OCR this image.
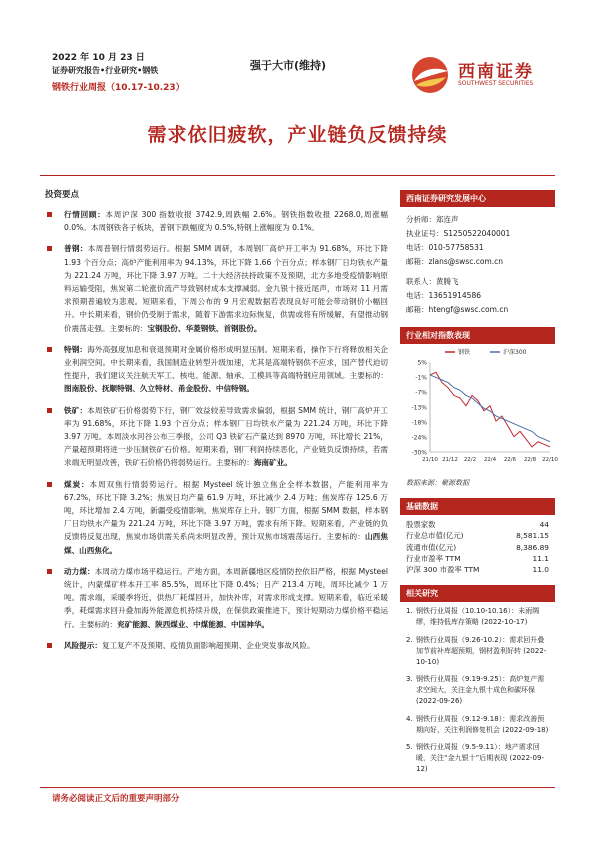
2022 年 10 月 23 日
证券研究报告•行业研究•钢铁
钢铁行业周报（10.17-10.23）
强于大市(维持)	西南证券
SOUTHWEST SECURITIES
需求依旧疲软，产业链负反馈持续
投资要点
行情回顾：本周沪深 300 指数收报 3742.9,周跌幅 2.6%。钢铁指数收报 2268.0,周涨幅 0.0%。本周钢铁各子板块，普钢下跌幅度为 0.5%,特钢上涨幅度为 0.1%。
普钢：本周普钢行情弱势运行。根据 SMM 调研，本周钢厂高炉开工率为 91.68%，环比下降 1.93 个百分点；高炉产能利用率为 94.13%，环比下降 1.66 个百分点；样本钢厂日均铁水产量为 221.24 万吨，环比下降 3.97 万吨。二十大经济扶持政策不及预期，北方多地受疫情影响原料运输受阻，焦炭第二轮涨价流产导致钢材成本支撑减弱。金九银十接近尾声，市场对 11 月需求预期普遍较为悲观。短期来看，下周公布的 9 月宏观数据若表现良好可能会带动钢价小幅回升。中长期来看，钢价仍受制于需求，随着下游需求边际恢复，供需或将有所缓解，有望推动钢价震荡走强。主要标的：宝钢股份、华菱钢铁、首钢股份。
特钢：海外高强度加息和衰退预期对金属价格形成明显压制。短期来看，操作下行将释放相关企业利润空间。中长期来看，我国制造业转型升级加速，尤其是高端特钢供不应求，国产替代迫切性提升，我们建议关注航天军工、核电、能源、轴承、工模具等高端特钢应用领域。主要标的：图南股份、抚顺特钢、久立特材、甬金股份、中信特钢。
铁矿：本周铁矿石价格弱势下行，钢厂效益较差导致需求偏弱，根据 SMM 统计，钢厂高炉开工率为 91.68%，环比下降 1.93 个百分点；样本钢厂日均铁水产量为 221.24 万吨，环比下降 3.97 万吨。本周淡水河谷公布三季报，公司 Q3 铁矿石产量达到 8970 万吨，环比增长 21%，产量超预期将进一步压制铁矿石价格。短期来看，钢厂利润持续恶化，产业链负反馈持续，若需求端无明显改善，铁矿石价格仍将弱势运行。主要标的：海南矿业。
煤炭：本周双焦行情弱势运行。根据 Mysteel 统计独立焦企全样本数据，产能利用率为 67.2%，环比下降 3.2%；焦炭日均产量 61.9 万吨，环比减少 2.4 万吨；焦炭库存 125.6 万吨，环比增加 2.4 万吨，新疆受疫情影响，焦炭库存上升。钢厂方面，根据 SMM 数据，样本钢厂日均铁水产量为 221.24 万吨，环比下降 3.97 万吨，需求有所下降。短期来看，产业链的负反馈将反复出现，焦炭市场供需关系尚未明显改善，预计双焦市场震荡运行。主要标的：山西焦煤、山西焦化。
动力煤：本周动力煤市场平稳运行。产地方面，本周新疆地区疫情防控依旧严格，根据 Mysteel 统计，内蒙煤矿样本开工率 85.5%，周环比下降 0.4%；日产 213.4 万吨，周环比减少 1 万吨。需求端，采暖季将近，供热厂耗煤回升，加快补库，对需求形成支撑。短期来看，临近采暖季，耗煤需求回升叠加海外能源危机持续升级，在保供政策推进下，预计短期动力煤价格平稳运行。主要标的：兖矿能源、陕西煤业、中煤能源、中国神华。
风险提示：复工复产不及预期、疫情负面影响超预期、企业突发事故风险。
西南证券研究发展中心
分析师：郑连声
执业证号：S1250522040001
电话：010-57758531
邮箱：zlans@swsc.com.cn
联系人：黄腾飞
电话：13651914586
邮箱：htengf@swsc.com.cn
行业相对指数表现
5%
-1%
-7%
-13%
-18%
-24%
-30%
21/10 21/12 22/2 22/4 22/6 22/8 22/10
钢铁	沪深300
数据来源：聚源数据
基础数据
股票家数	44
行业总市值(亿元)	8,581.15
流通市值(亿元)	8,386.89
行业市盈率 TTM	11.1
沪深 300 市盈率 TTM	11.0
相关研究
1. 钢铁行业周报（10.10-10.16）：未雨绸缪，维持低库存策略 (2022-10-17)
2. 钢铁行业周报（9.26-10.2）：需求回升叠加节前补库超预期，钢材盈利好转 (2022-10-10)
3. 钢铁行业周报（9.19-9.25）：高炉复产需求空间大，关注金九银十成色和碳环保 (2022-09-26)
4. 钢铁行业周报（9.12-9.18）：需求改善预期向好，关注利润修复机会 (2022-09-18)
5. 钢铁行业周报（9.5-9.11）：地产需求回暖，关注“金九银十”后期表现 (2022-09-12)
请务必阅读正文后的重要声明部分
